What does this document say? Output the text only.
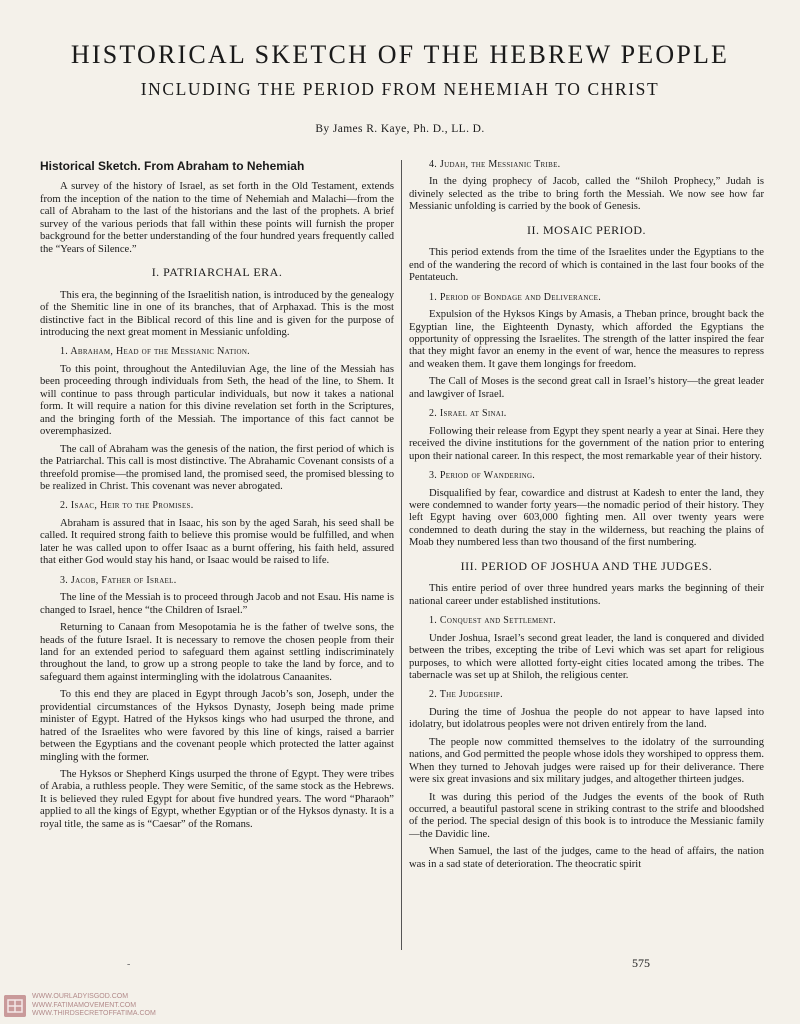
HISTORICAL SKETCH OF THE HEBREW PEOPLE
INCLUDING THE PERIOD FROM NEHEMIAH TO CHRIST
By James R. Kaye, Ph. D., LL. D.
Historical Sketch. From Abraham to Nehemiah

A survey of the history of Israel, as set forth in the Old Testament, extends from the inception of the nation to the time of Nehemiah and Malachi—from the call of Abraham to the last of the historians and the last of the prophets. A brief survey of the various periods that fall within these points will furnish the proper background for the better understanding of the four hundred years frequently called the “Years of Silence.”

I. PATRIARCHAL ERA.

This era, the beginning of the Israelitish nation, is introduced by the genealogy of the Shemitic line in one of its branches, that of Arphaxad. This is the most distinctive fact in the Biblical record of this line and is given for the purpose of introducing the next great moment in Messianic unfolding.

1. Abraham, Head of the Messianic Nation.

To this point, throughout the Antediluvian Age, the line of the Messiah has been proceeding through individuals from Seth, the head of the line, to Shem. It will continue to pass through particular individuals, but now it takes a national form. It will require a nation for this divine revelation set forth in the Scriptures, and the bringing forth of the Messiah. The importance of this fact cannot be overemphasized.

The call of Abraham was the genesis of the nation, the first period of which is the Patriarchal. This call is most distinctive. The Abrahamic Covenant consists of a threefold promise—the promised land, the promised seed, the promised blessing to be realized in Christ. This covenant was never abrogated.

2. Isaac, Heir to the Promises.

Abraham is assured that in Isaac, his son by the aged Sarah, his seed shall be called. It required strong faith to believe this promise would be fulfilled, and when later he was called upon to offer Isaac as a burnt offering, his faith held, assured that either God would stay his hand, or Isaac would be raised to life.

3. Jacob, Father of Israel.

The line of the Messiah is to proceed through Jacob and not Esau. His name is changed to Israel, hence “the Children of Israel.”

Returning to Canaan from Mesopotamia he is the father of twelve sons, the heads of the future Israel. It is necessary to remove the chosen people from their land for an extended period to safeguard them against settling indiscriminately throughout the land, to grow up a strong people to take the land by force, and to safeguard them against intermingling with the idolatrous Canaanites.

To this end they are placed in Egypt through Jacob’s son, Joseph, under the providential circumstances of the Hyksos Dynasty, Joseph being made prime minister of Egypt. Hatred of the Hyksos kings who had usurped the throne, and hatred of the Israelites who were favored by this line of kings, raised a barrier between the Egyptians and the covenant people which protected the latter against mingling with the former.

The Hyksos or Shepherd Kings usurped the throne of Egypt. They were tribes of Arabia, a ruthless people. They were Semitic, of the same stock as the Hebrews. It is believed they ruled Egypt for about five hundred years. The word “Pharaoh” applied to all the kings of Egypt, whether Egyptian or of the Hyksos dynasty. It is a royal title, the same as is “Caesar” of the Romans.

4. Judah, the Messianic Tribe.

In the dying prophecy of Jacob, called the “Shiloh Prophecy,” Judah is divinely selected as the tribe to bring forth the Messiah. We now see how far Messianic unfolding is carried by the book of Genesis.

II. MOSAIC PERIOD.

This period extends from the time of the Israelites under the Egyptians to the end of the wandering the record of which is contained in the last four books of the Pentateuch.

1. Period of Bondage and Deliverance.

Expulsion of the Hyksos Kings by Amasis, a Theban prince, brought back the Egyptian line, the Eighteenth Dynasty, which afforded the Egyptians the opportunity of oppressing the Israelites. The strength of the latter inspired the fear that they might favor an enemy in the event of war, hence the measures to repress and weaken them. It gave them longings for freedom.

The Call of Moses is the second great call in Israel’s history—the great leader and lawgiver of Israel.

2. Israel at Sinai.

Following their release from Egypt they spent nearly a year at Sinai. Here they received the divine institutions for the government of the nation prior to entering upon their national career. In this respect, the most remarkable year of their history.

3. Period of Wandering.

Disqualified by fear, cowardice and distrust at Kadesh to enter the land, they were condemned to wander forty years—the nomadic period of their history. They left Egypt having over 603,000 fighting men. All over twenty years were condemned to death during the stay in the wilderness, but reaching the plains of Moab they numbered less than two thousand of the first numbering.

III. PERIOD OF JOSHUA AND THE JUDGES.

This entire period of over three hundred years marks the beginning of their national career under established institutions.

1. Conquest and Settlement.

Under Joshua, Israel’s second great leader, the land is conquered and divided between the tribes, excepting the tribe of Levi which was set apart for religious purposes, to which were allotted forty-eight cities located among the tribes. The tabernacle was set up at Shiloh, the religious center.

2. The Judgeship.

During the time of Joshua the people do not appear to have lapsed into idolatry, but idolatrous peoples were not driven entirely from the land.

The people now committed themselves to the idolatry of the surrounding nations, and God permitted the people whose idols they worshiped to oppress them. When they turned to Jehovah judges were raised up for their deliverance. There were six great invasions and six military judges, and altogether thirteen judges.

It was during this period of the Judges the events of the book of Ruth occurred, a beautiful pastoral scene in striking contrast to the strife and bloodshed of the period. The special design of this book is to introduce the Messianic family—the Davidic line.

When Samuel, the last of the judges, came to the head of affairs, the nation was in a sad state of deterioration. The theocratic spirit

-	575
WWW.OURLADYISGOD.COM
WWW.FATIMAMOVEMENT.COM
WWW.THIRDSECRETOFFATIMA.COM
